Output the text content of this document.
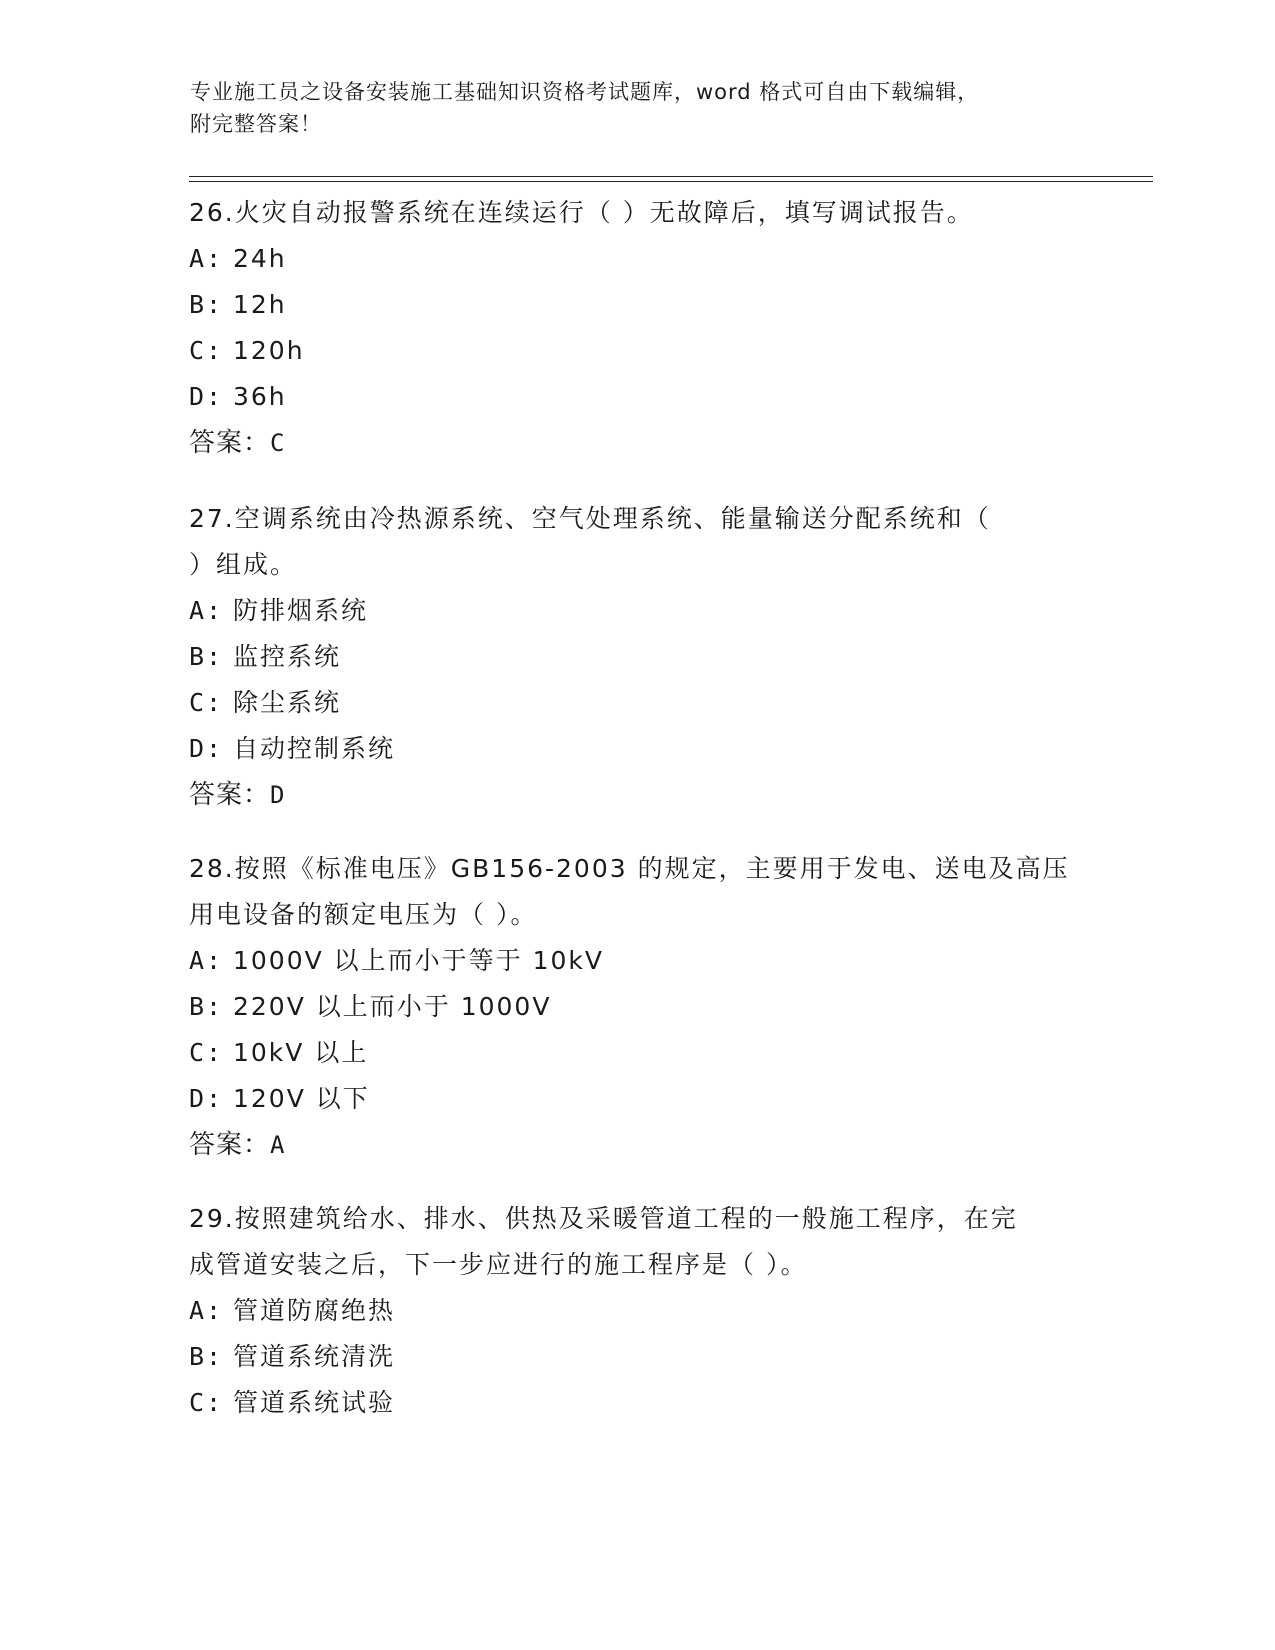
专业施工员之设备安装施工基础知识资格考试题库，word 格式可自由下载编辑，
附完整答案！
26.火灾自动报警系统在连续运行（ ）无故障后，填写调试报告。
A: 24h
B: 12h
C: 120h
D: 36h
答案：C
27.空调系统由冷热源系统、空气处理系统、能量输送分配系统和（
）组成。
A: 防排烟系统
B: 监控系统
C: 除尘系统
D: 自动控制系统
答案：D
28.按照《标准电压》GB156-2003 的规定，主要用于发电、送电及高压
用电设备的额定电压为（ ）。
A: 1000V 以上而小于等于 10kV
B: 220V 以上而小于 1000V
C: 10kV 以上
D: 120V 以下
答案：A
29.按照建筑给水、排水、供热及采暖管道工程的一般施工程序，在完
成管道安装之后，下一步应进行的施工程序是（ ）。
A: 管道防腐绝热
B: 管道系统清洗
C: 管道系统试验
